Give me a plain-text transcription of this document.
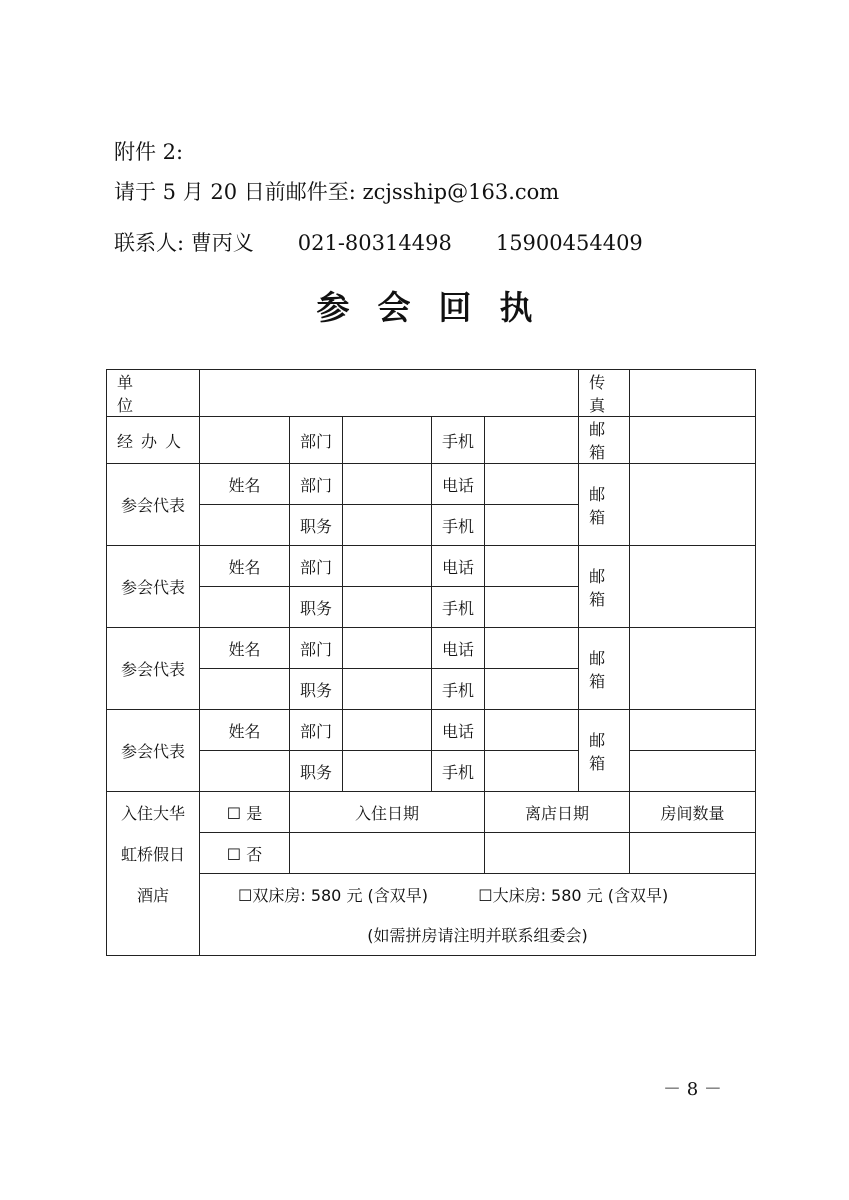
附件 2:
请于 5 月 20 日前邮件至: zcjsship@163.com
联系人: 曹丙义 021-80314498 15900454409
参会回执
单 位						传真	
经办人		部门		手机		邮箱	
参会代表	姓名	部门		电话		邮箱	
		职务		手机			
参会代表	姓名	部门		电话		邮箱	
		职务		手机			
参会代表	姓名	部门		电话		邮箱	
		职务		手机			
参会代表	姓名	部门		电话		邮箱	
		职务		手机			
入住大华	☐ 是	入住日期			离店日期		房间数量
虹桥假日	☐ 否						
酒店	☐双床房: 580 元 (含双早) ☐大床房: 580 元 (含双早)						
	(如需拼房请注明并联系组委会)						
－ 8 －
